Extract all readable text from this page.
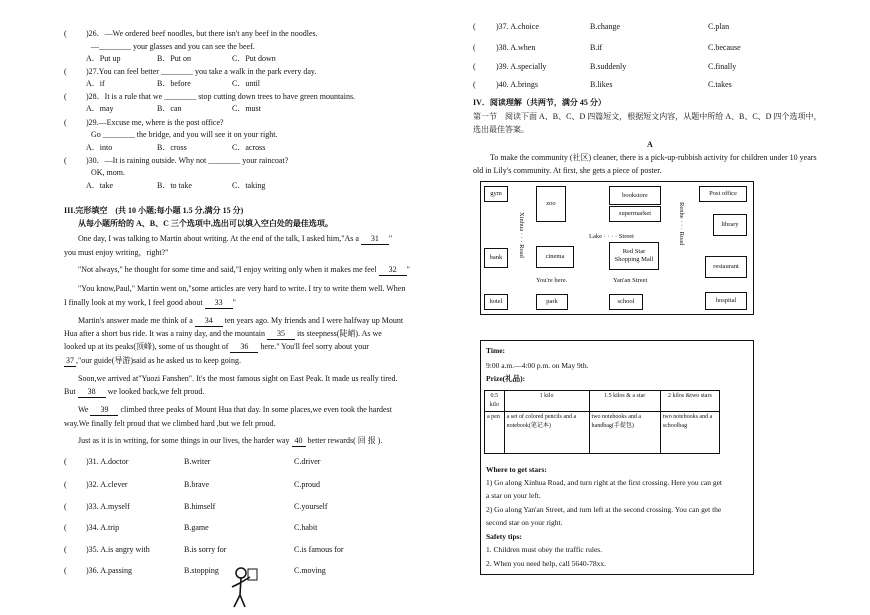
( )26．—We ordered beef noodles, but there isn't any beef in the noodles.
—________ your glasses and you can see the beef.
A．Put up	B．Put on	C．Put down
( )27.You can feel better ________ you take a walk in the park every day.
A．if	B．before	C．until
( )28．It is a rule that we ________ stop cutting down trees to have green mountains.
A．may	B．can	C．must
( )29.—Excuse me, where is the post office?
Go ________ the bridge, and you will see it on your right.
A．into	B．cross	C．across
( )30．—It is raining outside. Why not ________ your raincoat?
OK, mom.
A．take	B．to take	C．taking
III.完形填空　(共 10 小题;每小题 1.5 分,满分 15 分)
从每小题所给的 A、B、C 三个选项中,选出可以填入空白处的最佳选项。
One day, I was talking to Martin about writing. At the end of the talk, I asked him,"As a 31 "
you must enjoy writing，right?"
"Not always," he thought for some time and said,"I enjoy writing only when it makes me feel 32 "
"You know,Paul," Martin went on,"some articles are very hard to write. I try to write them well. When
I finally look at my work, I feel good about 33 "
Martin's answer made me think of a 34 ten years ago. My friends and I were halfway up Mount
Hua after a short bus ride. It was a rainy day, and the mountain 35 its steepness(陡峭). As we
looked up at its peaks(顶峰), some of us thought of 36 here." You'll feel sorry about your
37 ,"our guide(导游)said as he asked us to keep going.
Soon,we arrived at"Yuozi Fanshen". It's the most famous sight on East Peak. It made us really tired.
But 38 we looked back,we felt proud.
We 39 climbed three peaks of Mount Hua that day. In some places,we even took the hardest
way.We finally felt proud that we climbed hard ,but we felt proud.
Just as it is in writing, for some things in our lives, the harder way 40 better rewards( 回 报 ).
( )31. A.doctor	B.writer	C.driver
( )32. A.clever	B.brave	C.proud
( )33. A.myself	B.himself	C.yourself
( )34. A.trip	B.game	C.habit
( )35. A.is angry with	B.is sorry for	C.is famous for
( )36. A.passing	B.stopping	C.moving
(	)37. A.choice	B.change	C.plan
(	)38. A.when	B.if	C.because
(	)39. A.specially	B.suddenly	C.finally
(	)40. A.brings	B.likes	C.takes
IV．阅读理解（共两节，满分 45 分）
第一节　阅读下面 A、B、C、D 四篇短文，根据短文内容，从题中所给 A、B、C、D 四个选项中，
选出最佳答案。
A
To make the community (社区) cleaner, there is a pick-up-rubbish activity for children under 10 years
old in Lily's community. At first, she gets a piece of poster.
gym
zoo
bookstore	Post office
supermarket
library
Lake · · · · Street
bank	cinema
Red Star Shopping Mall
restaurant
You're here.	Yan'an Street
hotel	park	school	hospital
Xinhua · · · Road	Renhe · · · Road
Time:
9:00 a.m.—4:00 p.m. on May 9th.
Prize(礼品):
0.5 kilo	1 kilo	1.5 kilos & a star	2 kilos &two stars
a pen	a set of colored pencils and a notebook(笔记本)	two notebooks and a handbag(手提包)	two notebooks and a schoolbag
Where to get stars:
1) Go along Xinhua Road, and turn right at the first crossing. Here you can get
a star on your left.
2) Go along Yan'an Street, and turn left at the second crossing. You can get the
second star on your right.
Safety tips:
1. Children must obey the traffic rules.
2. When you need help, call 5640-78xx.
